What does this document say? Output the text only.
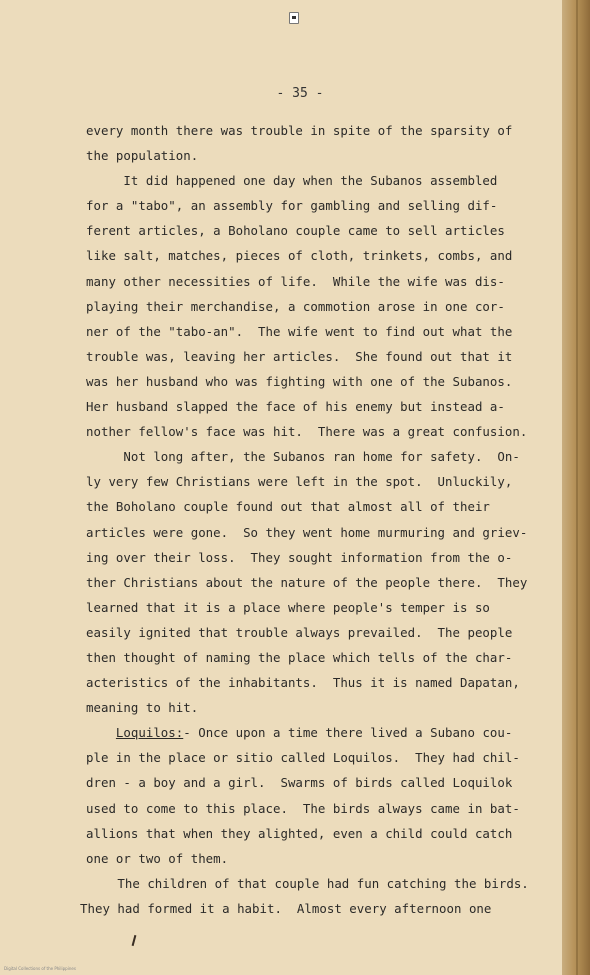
- 35 -
every month there was trouble in spite of the sparsity of
the population.
It did happened one day when the Subanos assembled
for a "tabo", an assembly for gambling and selling dif-
ferent articles, a Boholano couple came to sell articles
like salt, matches, pieces of cloth, trinkets, combs, and
many other necessities of life.  While the wife was dis-
playing their merchandise, a commotion arose in one cor-
ner of the "tabo-an".  The wife went to find out what the
trouble was, leaving her articles.  She found out that it
was her husband who was fighting with one of the Subanos.
Her husband slapped the face of his enemy but instead a-
nother fellow's face was hit.  There was a great confusion.
Not long after, the Subanos ran home for safety.  On-
ly very few Christians were left in the spot.  Unluckily,
the Boholano couple found out that almost all of their
articles were gone.  So they went home murmuring and griev-
ing over their loss.  They sought information from the o-
ther Christians about the nature of the people there.  They
learned that it is a place where people's temper is so
easily ignited that trouble always prevailed.  The people
then thought of naming the place which tells of the char-
acteristics of the inhabitants.  Thus it is named Dapatan,
meaning to hit.
Loquilos:- Once upon a time there lived a Subano cou-
ple in the place or sitio called Loquilos.  They had chil-
dren - a boy and a girl.  Swarms of birds called Loquilok
used to come to this place.  The birds always came in bat-
allions that when they alighted, even a child could catch
one or two of them.
The children of that couple had fun catching the birds.
They had formed it a habit.  Almost every afternoon one
Digital Collections of the Philippines
